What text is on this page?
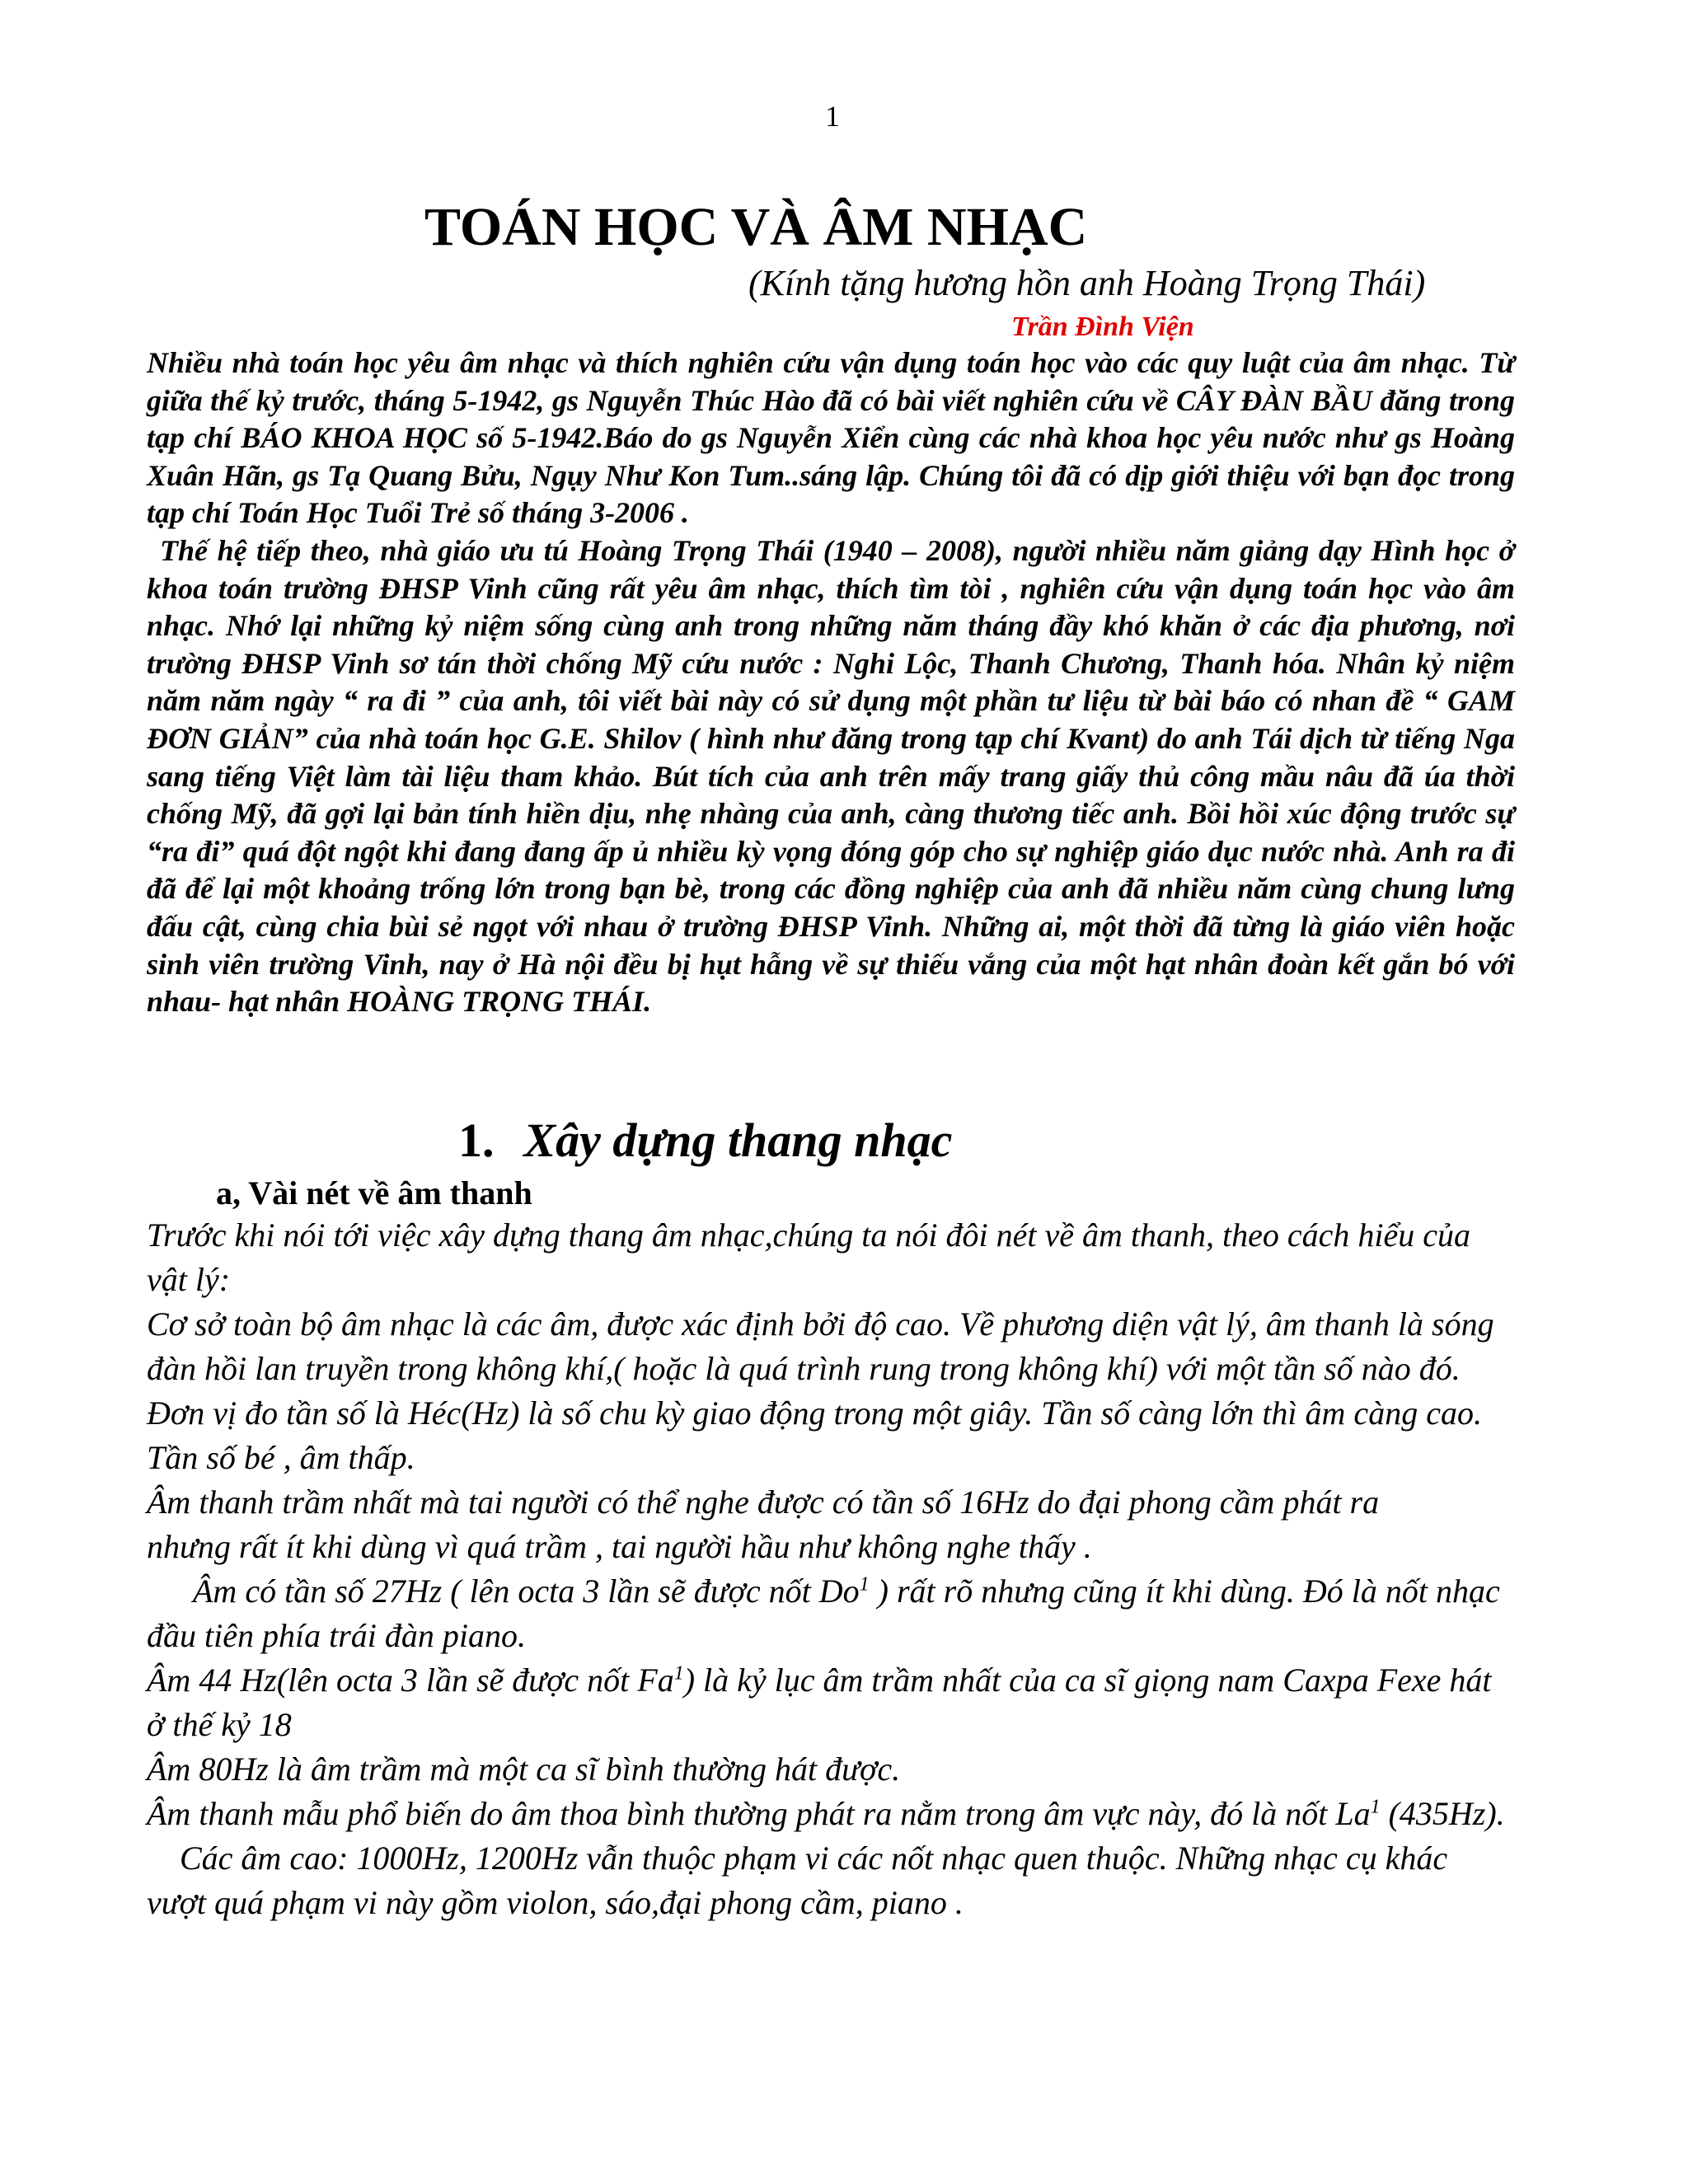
1
TOÁN HỌC VÀ ÂM NHẠC
(Kính tặng hương hồn anh Hoàng Trọng Thái)
Trần Đình Viện

Nhiều nhà toán học yêu âm nhạc và thích nghiên cứu vận dụng toán học vào các quy luật của âm nhạc. Từ giữa thế kỷ trước, tháng 5-1942, gs Nguyễn Thúc Hào đã có bài viết nghiên cứu về CÂY ĐÀN BẦU đăng trong tạp chí BÁO KHOA HỌC số 5-1942.Báo do gs Nguyễn Xiển cùng các nhà khoa học yêu nước như gs Hoàng Xuân Hãn, gs Tạ Quang Bửu, Ngụy Như Kon Tum..sáng lập. Chúng tôi đã có dịp giới thiệu với bạn đọc trong tạp chí Toán Học Tuổi Trẻ số tháng 3-2006 .

Thế hệ tiếp theo, nhà giáo ưu tú Hoàng Trọng Thái (1940 – 2008), người nhiều năm giảng dạy Hình học ở khoa toán trường ĐHSP Vinh cũng rất yêu âm nhạc, thích tìm tòi , nghiên cứu vận dụng toán học vào âm nhạc. Nhớ lại những kỷ niệm sống cùng anh trong những năm tháng đầy khó khăn ở các địa phương, nơi trường ĐHSP Vinh sơ tán thời chống Mỹ cứu nước : Nghi Lộc, Thanh Chương, Thanh hóa. Nhân kỷ niệm năm năm ngày “ ra đi ” của anh, tôi viết bài này có sử dụng một phần tư liệu từ bài báo có nhan đề “ GAM ĐƠN GIẢN” của nhà toán học G.E. Shilov ( hình như đăng trong tạp chí Kvant) do anh Tái dịch từ tiếng Nga sang tiếng Việt làm tài liệu tham khảo. Bút tích của anh trên mấy trang giấy thủ công mầu nâu đã úa thời chống Mỹ, đã gợi lại bản tính hiền dịu, nhẹ nhàng của anh, càng thương tiếc anh. Bồi hồi xúc động trước sự “ra đi” quá đột ngột khi đang đang ấp ủ nhiều kỳ vọng đóng góp cho sự nghiệp giáo dục nước nhà. Anh ra đi đã để lại một khoảng trống lớn trong bạn bè, trong các đồng nghiệp của anh đã nhiều năm cùng chung lưng đấu cật, cùng chia bùi sẻ ngọt với nhau ở trường ĐHSP Vinh. Những ai, một thời đã từng là giáo viên hoặc sinh viên trường Vinh, nay ở Hà nội đều bị hụt hẫng về sự thiếu vắng của một hạt nhân đoàn kết gắn bó với nhau- hạt nhân HOÀNG TRỌNG THÁI.

1. Xây dựng thang nhạc
a, Vài nét về âm thanh

Trước khi nói tới việc xây dựng thang âm nhạc,chúng ta nói đôi nét về âm thanh, theo cách hiểu của vật lý:

Cơ sở toàn bộ âm nhạc là các âm, được xác định bởi độ cao. Về phương diện vật lý, âm thanh là sóng đàn hồi lan truyền trong không khí,( hoặc là quá trình rung trong không khí) với một tần số nào đó. Đơn vị đo tần số là Héc(Hz) là số chu kỳ giao động trong một giây. Tần số càng lớn thì âm càng cao. Tần số bé , âm thấp.

Âm thanh trầm nhất mà tai người có thể nghe được có tần số 16Hz do đại phong cầm phát ra

nhưng rất ít khi dùng vì quá trầm , tai người hầu như không nghe thấy .

Âm có tần số 27Hz ( lên octa 3 lần sẽ được nốt Do$^1$ ) rất rõ nhưng cũng ít khi dùng. Đó là nốt nhạc đầu tiên phía trái đàn piano.

Âm 44 Hz(lên octa 3 lần sẽ được nốt Fa$^1$) là kỷ lục âm trầm nhất của ca sĩ giọng nam Caxpa Fexe hát ở thế kỷ 18

Âm 80Hz là âm trầm mà một ca sĩ bình thường hát được.

Âm thanh mẫu phổ biến do âm thoa bình thường phát ra nằm trong âm vực này, đó là nốt La$^1$ (435Hz).

Các âm cao: 1000Hz, 1200Hz vẫn thuộc phạm vi các nốt nhạc quen thuộc. Những nhạc cụ khác vượt quá phạm vi này gồm violon, sáo,đại phong cầm, piano .
